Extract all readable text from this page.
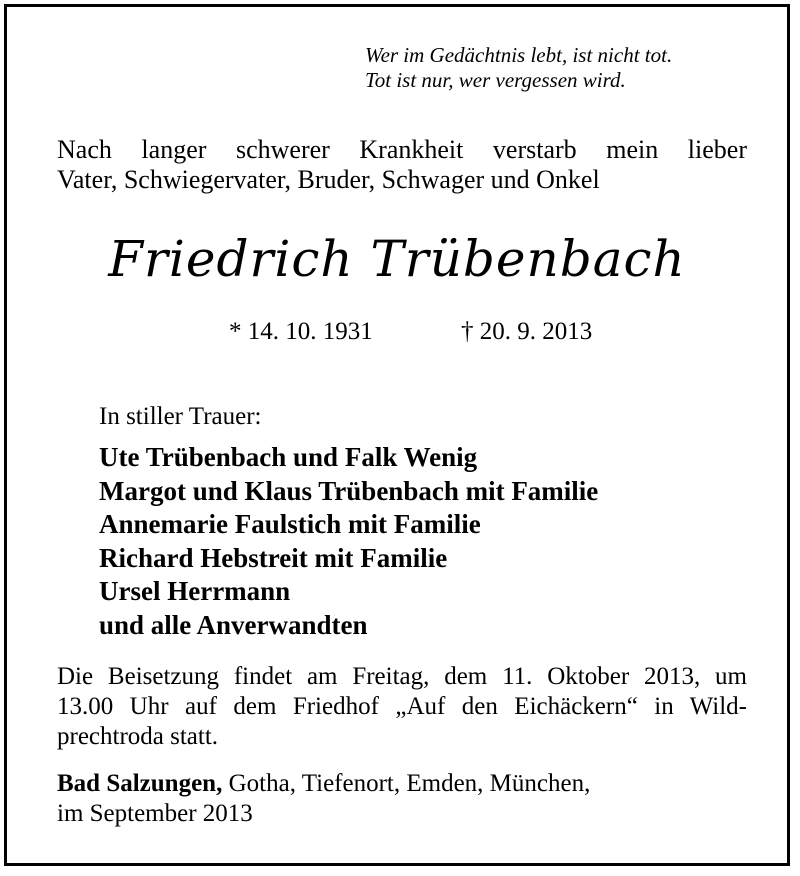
Wer im Gedächtnis lebt, ist nicht tot.
Tot ist nur, wer vergessen wird.
Nach langer schwerer Krankheit verstarb mein lieber
Vater, Schwiegervater, Bruder, Schwager und Onkel
Friedrich Trübenbach
* 14. 10. 1931	† 20. 9. 2013
In stiller Trauer:
Ute Trübenbach und Falk Wenig
Margot und Klaus Trübenbach mit Familie
Annemarie Faulstich mit Familie
Richard Hebstreit mit Familie
Ursel Herrmann
und alle Anverwandten
Die Beisetzung findet am Freitag, dem 11. Oktober 2013, um
13.00 Uhr auf dem Friedhof „Auf den Eichäckern“ in Wild-
prechtroda statt.
Bad Salzungen, Gotha, Tiefenort, Emden, München,
im September 2013
